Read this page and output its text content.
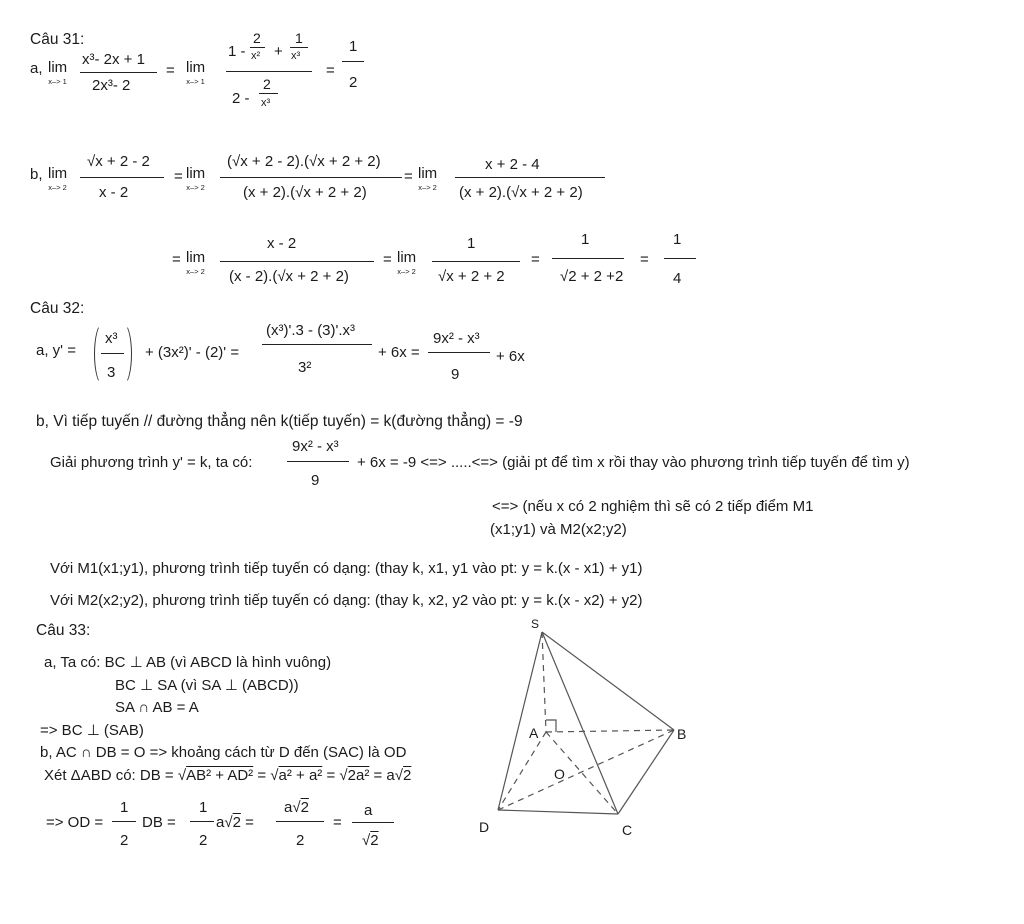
Câu 31:
a, lim
x–> 1
x³- 2x + 1
2x³- 2
= lim
x–> 1
1 -
2
x² +
1
x³
2 -
2
x³
=
1
2
b, lim
x–> 2
√x + 2 - 2
x - 2
= lim
x–> 2
(√x + 2 - 2).(√x + 2 + 2)
(x + 2).(√x + 2 + 2)
= lim
x–> 2
x + 2 - 4
(x + 2).(√x + 2 + 2)
= lim
x–> 2
x - 2
(x - 2).(√x + 2 + 2)
= lim
x–> 2
1
√x + 2 + 2
=
1
√2 + 2 +2
=
1
4
Câu 32:
a, y' =
x³
3
+ (3x²)' - (2)' =
(x³)'.3 - (3)'.x³
3²
+ 6x =
9x² - x³
9
+ 6x
b, Vì tiếp tuyến // đường thẳng nên k(tiếp tuyến) = k(đường thẳng) = -9
Giải phương trình y' = k, ta có:
9x² - x³
9
+ 6x = -9 <=> .....<=> (giải pt để tìm x rồi thay vào phương trình tiếp tuyến để tìm y)
<=> (nếu x có 2 nghiệm thì sẽ có 2 tiếp điểm M1
(x1;y1) và M2(x2;y2)
Với M1(x1;y1), phương trình tiếp tuyến có dạng: (thay k, x1, y1 vào pt: y = k.(x - x1) + y1)
Với M2(x2;y2), phương trình tiếp tuyến có dạng: (thay k, x2, y2 vào pt: y = k.(x - x2) + y2)
Câu 33:
a, Ta có: BC ⊥ AB (vì ABCD là hình vuông)
BC ⊥ SA (vì SA ⊥ (ABCD))
SA ∩ AB = A
=> BC ⊥ (SAB)
b, AC ∩ DB = O => khoảng cách từ D đến (SAC) là OD
Xét ΔABD có: DB = √AB² + AD² = √a² + a² = √2a² = a√2
=> OD =
1
2
DB =
1
2
a√2 =
a√2
2
=
a
√2
S
A	B
C
D
O
